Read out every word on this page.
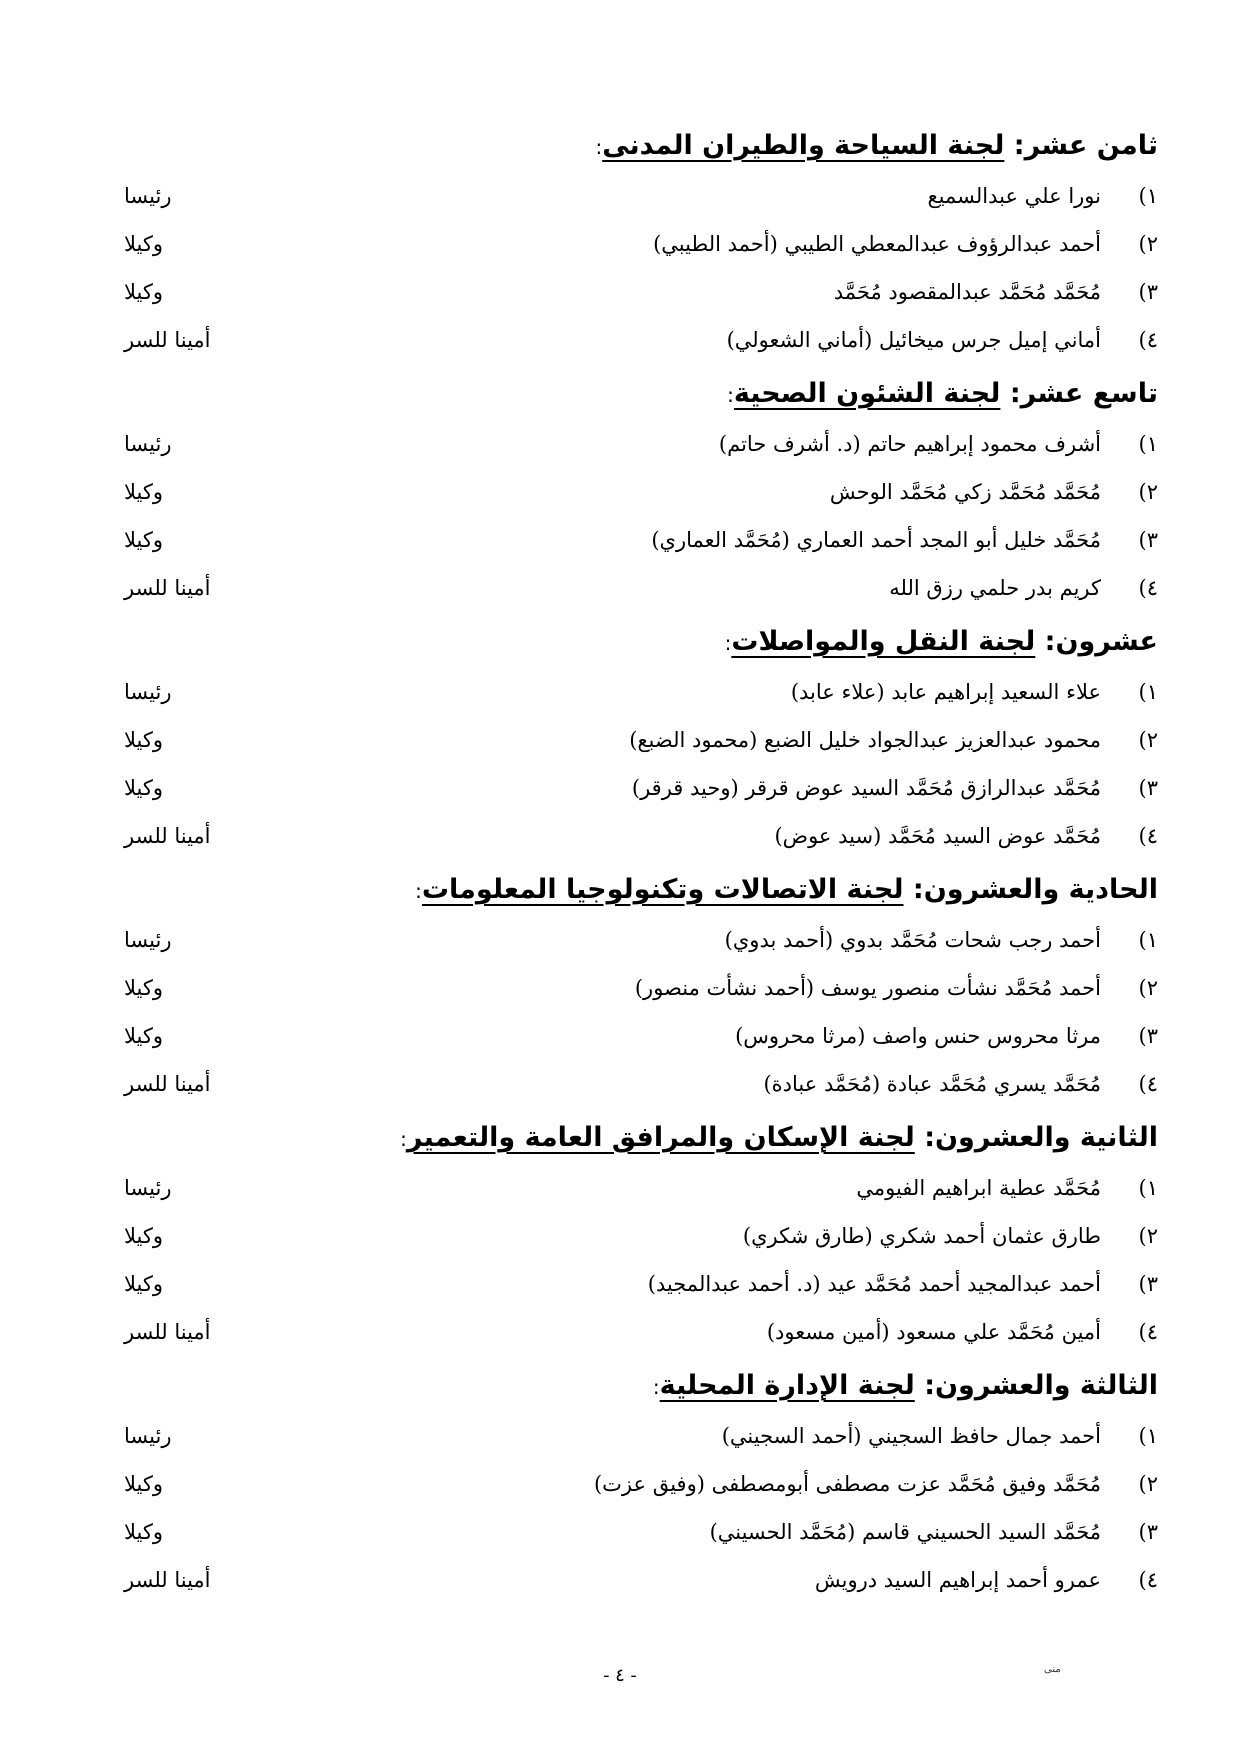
ثامن عشر: لجنة السياحة والطيران المدنى:
١)
نورا علي عبدالسميع
رئيسا
٢)
أحمد عبدالرؤوف عبدالمعطي الطيبي (أحمد الطيبي)
وكيلا
٣)
مُحَمَّد مُحَمَّد عبدالمقصود مُحَمَّد
وكيلا
٤)
أماني إميل جرس ميخائيل (أماني الشعولي)
أمينا للسر
تاسع عشر: لجنة الشئون الصحية:
١)
أشرف محمود إبراهيم حاتم (د. أشرف حاتم)
رئيسا
٢)
مُحَمَّد مُحَمَّد زكي مُحَمَّد الوحش
وكيلا
٣)
مُحَمَّد خليل أبو المجد أحمد العماري (مُحَمَّد العماري)
وكيلا
٤)
كريم بدر حلمي رزق الله
أمينا للسر
عشرون: لجنة النقل والمواصلات:
١)
علاء السعيد إبراهيم عابد (علاء عابد)
رئيسا
٢)
محمود عبدالعزيز عبدالجواد خليل الضبع (محمود الضبع)
وكيلا
٣)
مُحَمَّد عبدالرازق مُحَمَّد السيد عوض قرقر (وحيد قرقر)
وكيلا
٤)
مُحَمَّد عوض السيد مُحَمَّد (سيد عوض)
أمينا للسر
الحادية والعشرون: لجنة الاتصالات وتكنولوجيا المعلومات:
١)
أحمد رجب شحات مُحَمَّد بدوي (أحمد بدوي)
رئيسا
٢)
أحمد مُحَمَّد نشأت منصور يوسف (أحمد نشأت منصور)
وكيلا
٣)
مرثا محروس حنس واصف (مرثا محروس)
وكيلا
٤)
مُحَمَّد يسري مُحَمَّد عبادة (مُحَمَّد عبادة)
أمينا للسر
الثانية والعشرون: لجنة الإسكان والمرافق العامة والتعمير:
١)
مُحَمَّد عطية ابراهيم الفيومي
رئيسا
٢)
طارق عثمان أحمد شكري (طارق شكري)
وكيلا
٣)
أحمد عبدالمجيد أحمد مُحَمَّد عيد (د. أحمد عبدالمجيد)
وكيلا
٤)
أمين مُحَمَّد علي مسعود (أمين مسعود)
أمينا للسر
الثالثة والعشرون: لجنة الإدارة المحلية:
١)
أحمد جمال حافظ السجيني (أحمد السجيني)
رئيسا
٢)
مُحَمَّد وفيق مُحَمَّد عزت مصطفى أبومصطفى (وفيق عزت)
وكيلا
٣)
مُحَمَّد السيد الحسيني قاسم (مُحَمَّد الحسيني)
وكيلا
٤)
عمرو أحمد إبراهيم السيد درويش
أمينا للسر
- ٤ -	منى
